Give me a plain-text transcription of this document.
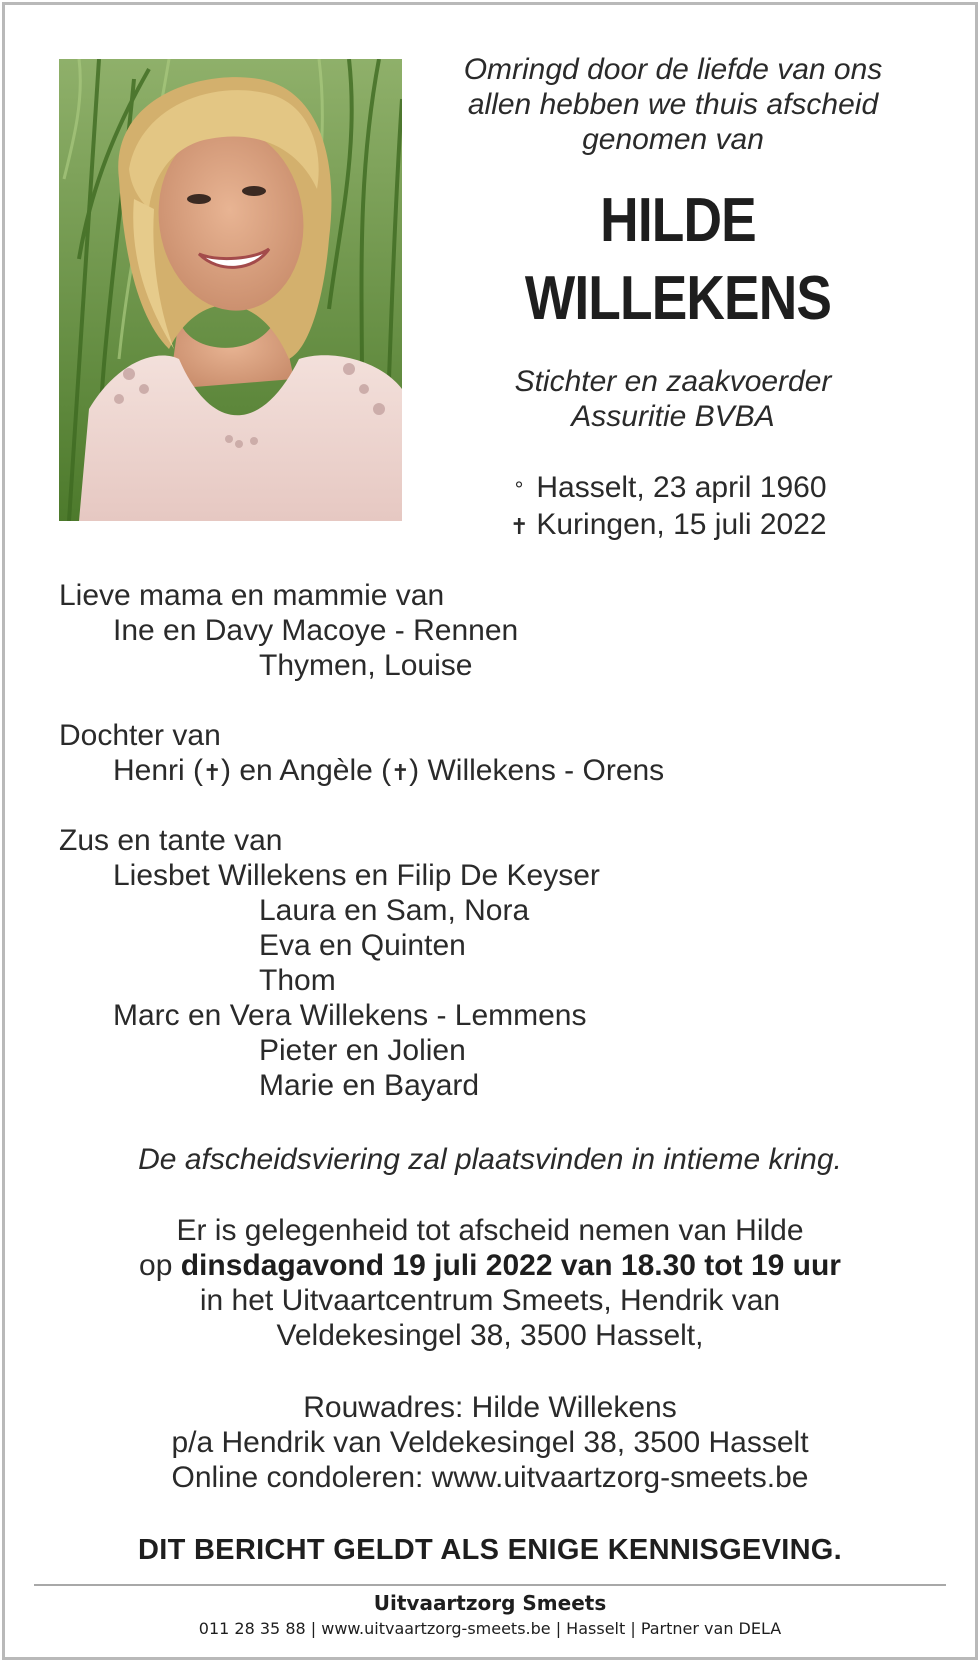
Omringd door de liefde van ons
allen hebben we thuis afscheid
genomen van
HILDE
WILLEKENS
Stichter en zaakvoerder
Assuritie BVBA
° Hasselt, 23 april 1960
✝ Kuringen, 15 juli 2022
Lieve mama en mammie van
Ine en Davy Macoye - Rennen
Thymen, Louise
Dochter van
Henri (✝) en Angèle (✝) Willekens - Orens
Zus en tante van
Liesbet Willekens en Filip De Keyser
Laura en Sam, Nora
Eva en Quinten
Thom
Marc en Vera Willekens - Lemmens
Pieter en Jolien
Marie en Bayard
De afscheidsviering zal plaatsvinden in intieme kring.
Er is gelegenheid tot afscheid nemen van Hilde
op dinsdagavond 19 juli 2022 van 18.30 tot 19 uur
in het Uitvaartcentrum Smeets, Hendrik van
Veldekesingel 38, 3500 Hasselt,
Rouwadres: Hilde Willekens
p/a Hendrik van Veldekesingel 38, 3500 Hasselt
Online condoleren: www.uitvaartzorg-smeets.be
DIT BERICHT GELDT ALS ENIGE KENNISGEVING.
Uitvaartzorg Smeets
011 28 35 88 | www.uitvaartzorg-smeets.be | Hasselt | Partner van DELA
